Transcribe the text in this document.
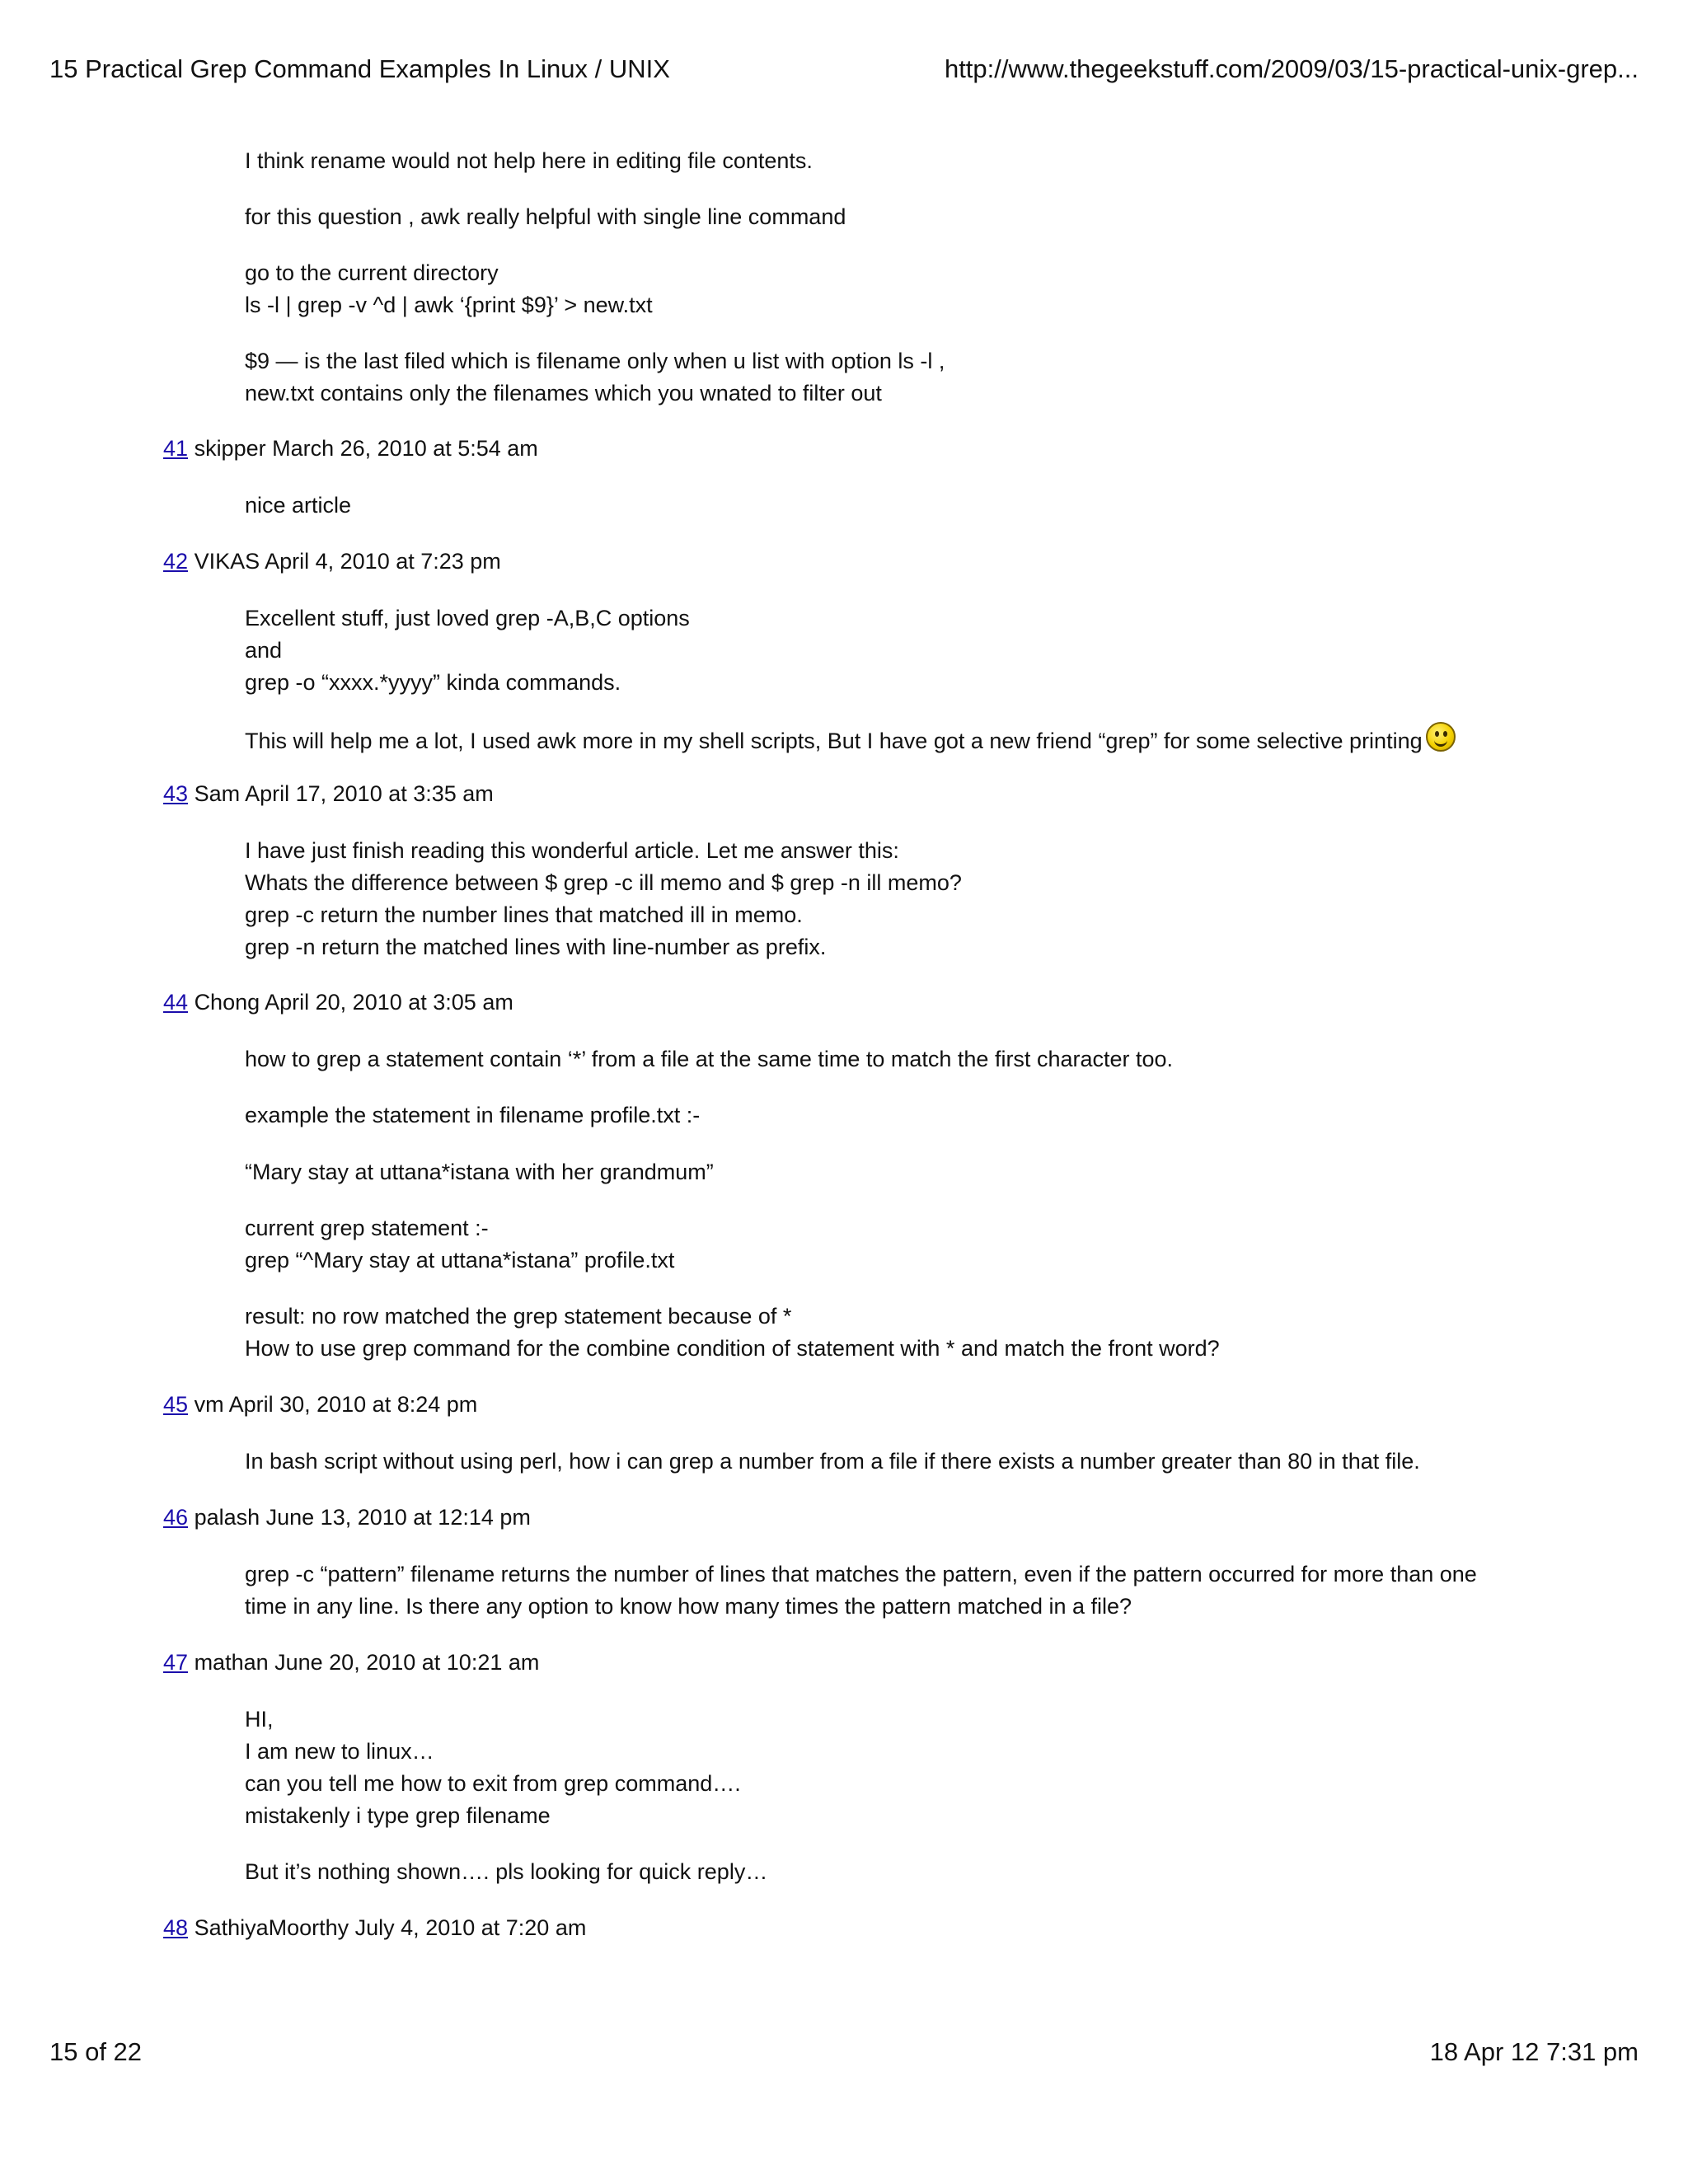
15 Practical Grep Command Examples In Linux / UNIX	http://www.thegeekstuff.com/2009/03/15-practical-unix-grep...
I think rename would not help here in editing file contents.
for this question , awk really helpful with single line command
go to the current directory
ls -l | grep -v ^d | awk ‘{print $9}’ > new.txt
$9 — is the last filed which is filename only when u list with option ls -l ,
new.txt contains only the filenames which you wnated to filter out
41 skipper March 26, 2010 at 5:54 am
nice article
42 VIKAS April 4, 2010 at 7:23 pm
Excellent stuff, just loved grep -A,B,C options
and
grep -o “xxxx.*yyyy” kinda commands.
This will help me a lot, I used awk more in my shell scripts, But I have got a new friend “grep” for some selective printing
43 Sam April 17, 2010 at 3:35 am
I have just finish reading this wonderful article. Let me answer this:
Whats the difference between $ grep -c ill memo and $ grep -n ill memo?
grep -c return the number lines that matched ill in memo.
grep -n return the matched lines with line-number as prefix.
44 Chong April 20, 2010 at 3:05 am
how to grep a statement contain ‘*’ from a file at the same time to match the first character too.
example the statement in filename profile.txt :-
“Mary stay at uttana*istana with her grandmum”
current grep statement :-
grep “^Mary stay at uttana*istana” profile.txt
result: no row matched the grep statement because of *
How to use grep command for the combine condition of statement with * and match the front word?
45 vm April 30, 2010 at 8:24 pm
In bash script without using perl, how i can grep a number from a file if there exists a number greater than 80 in that file.
46 palash June 13, 2010 at 12:14 pm
grep -c “pattern” filename returns the number of lines that matches the pattern, even if the pattern occurred for more than one
time in any line. Is there any option to know how many times the pattern matched in a file?
47 mathan June 20, 2010 at 10:21 am
HI,
I am new to linux…
can you tell me how to exit from grep command….
mistakenly i type grep filename
But it’s nothing shown…. pls looking for quick reply…
48 SathiyaMoorthy July 4, 2010 at 7:20 am
15 of 22	18 Apr 12 7:31 pm
